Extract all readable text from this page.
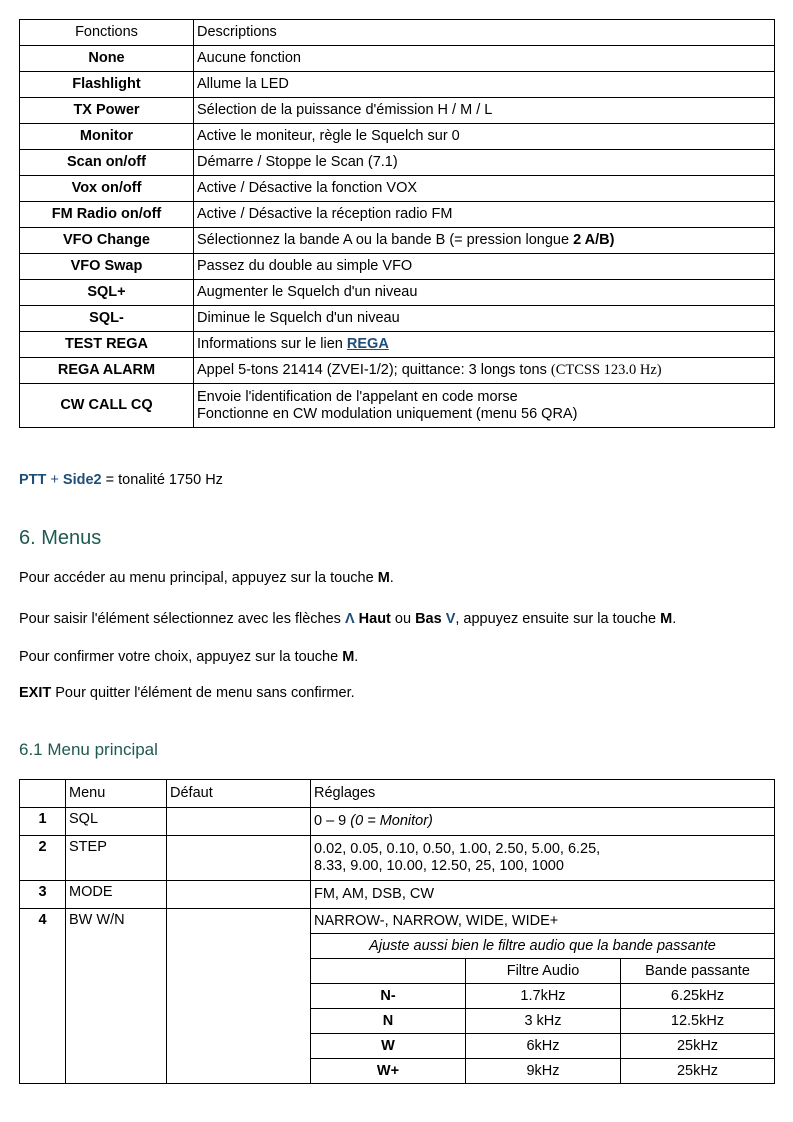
Fonctions	Descriptions
None	Aucune fonction
Flashlight	Allume la LED
TX Power	Sélection de la puissance d'émission H / M / L
Monitor	Active le moniteur, règle le Squelch sur 0
Scan on/off	Démarre / Stoppe le Scan (7.1)
Vox on/off	Active / Désactive la fonction VOX
FM Radio on/off	Active / Désactive la réception radio FM
VFO Change	Sélectionnez la bande A ou la bande B (= pression longue 2 A/B)
VFO Swap	Passez du double au simple VFO
SQL+	Augmenter le Squelch d'un niveau
SQL-	Diminue le Squelch d'un niveau
TEST REGA	Informations sur le lien REGA
REGA ALARM	Appel 5-tons 21414 (ZVEI-1/2); quittance: 3 longs tons (CTCSS 123.0 Hz)
CW CALL CQ	Envoie l'identification de l'appelant en code morse
Fonctionne en CW modulation uniquement (menu 56 QRA)
PTT + Side2 = tonalité 1750 Hz
6. Menus
Pour accéder au menu principal, appuyez sur la touche M.
Pour saisir l'élément sélectionnez avec les flèches Λ Haut ou Bas V, appuyez ensuite sur la touche M.
Pour confirmer votre choix, appuyez sur la touche M.
EXIT Pour quitter l'élément de menu sans confirmer.
6.1 Menu principal
	Menu	Défaut	Réglages		
1	SQL		0 – 9 (0 = Monitor)		
2	STEP		0.02, 0.05, 0.10, 0.50, 1.00, 2.50, 5.00, 6.25,
8.33, 9.00, 10.00, 12.50, 25, 100, 1000		

3	MODE		FM, AM, DSB, CW		
4	BW W/N		NARROW-, NARROW, WIDE, WIDE+		
			Ajuste aussi bien le filtre audio que la bande passante		
				Filtre Audio	Bande passante
			N-	1.7kHz	6.25kHz
			N	3 kHz	12.5kHz
			W	6kHz	25kHz
			W+	9kHz	25kHz
